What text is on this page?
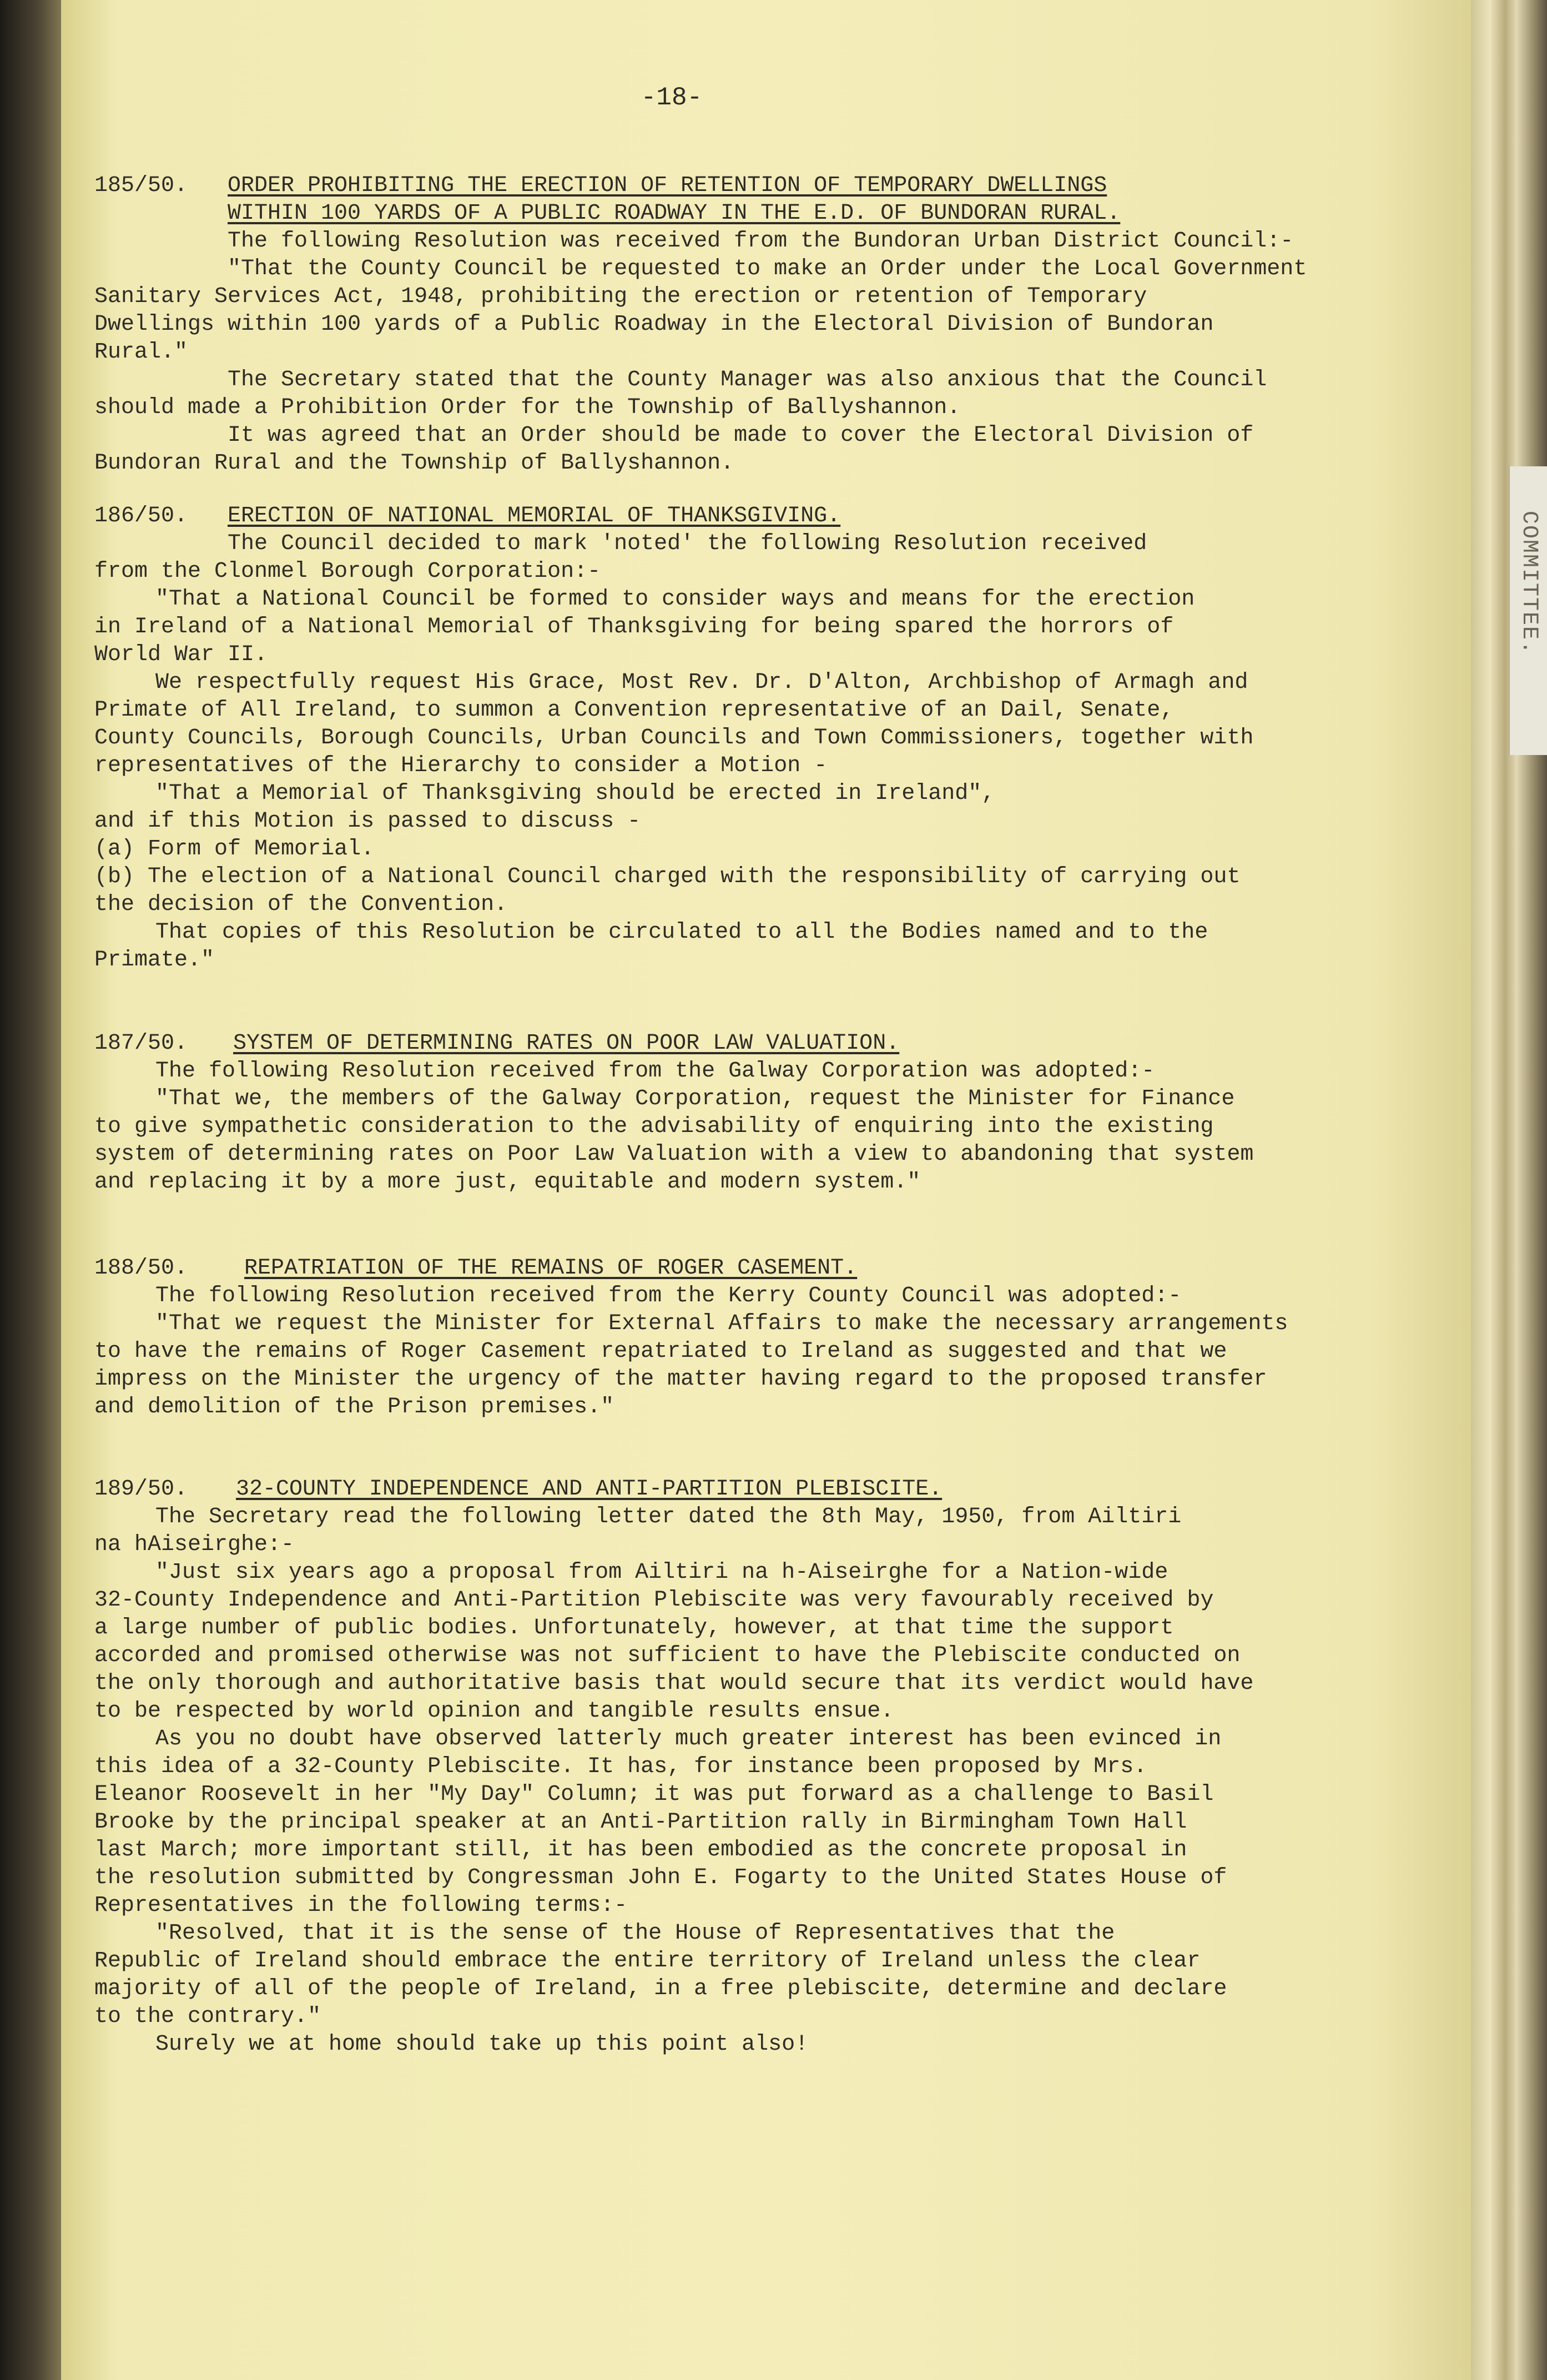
COMMITTEE.
-18-
185/50. ORDER PROHIBITING THE ERECTION OF RETENTION OF TEMPORARY DWELLINGS
WITHIN 100 YARDS OF A PUBLIC ROADWAY IN THE E.D. OF BUNDORAN RURAL.
The following Resolution was received from the Bundoran Urban District Council:-
"That the County Council be requested to make an Order under the Local Government
Sanitary Services Act, 1948, prohibiting the erection or retention of Temporary
Dwellings within 100 yards of a Public Roadway in the Electoral Division of Bundoran
Rural."
The Secretary stated that the County Manager was also anxious that the Council
should made a Prohibition Order for the Township of Ballyshannon.
It was agreed that an Order should be made to cover the Electoral Division of
Bundoran Rural and the Township of Ballyshannon.
186/50. ERECTION OF NATIONAL MEMORIAL OF THANKSGIVING.
The Council decided to mark 'noted' the following Resolution received
from the Clonmel Borough Corporation:-
"That a National Council be formed to consider ways and means for the erection
in Ireland of a National Memorial of Thanksgiving for being spared the horrors of
World War II.
We respectfully request His Grace, Most Rev. Dr. D'Alton, Archbishop of Armagh and
Primate of All Ireland, to summon a Convention representative of an Dail, Senate,
County Councils, Borough Councils, Urban Councils and Town Commissioners, together with
representatives of the Hierarchy to consider a Motion -
"That a Memorial of Thanksgiving should be erected in Ireland",
and if this Motion is passed to discuss -
(a) Form of Memorial.
(b) The election of a National Council charged with the responsibility of carrying out
the decision of the Convention.
That copies of this Resolution be circulated to all the Bodies named and to the
Primate."
187/50. SYSTEM OF DETERMINING RATES ON POOR LAW VALUATION.
The following Resolution received from the Galway Corporation was adopted:-
"That we, the members of the Galway Corporation, request the Minister for Finance
to give sympathetic consideration to the advisability of enquiring into the existing
system of determining rates on Poor Law Valuation with a view to abandoning that system
and replacing it by a more just, equitable and modern system."
188/50.	REPATRIATION OF THE REMAINS OF ROGER CASEMENT.
The following Resolution received from the Kerry County Council was adopted:-
"That we request the Minister for External Affairs to make the necessary arrangements
to have the remains of Roger Casement repatriated to Ireland as suggested and that we
impress on the Minister the urgency of the matter having regard to the proposed transfer
and demolition of the Prison premises."
189/50. 32-COUNTY INDEPENDENCE AND ANTI-PARTITION PLEBISCITE.
The Secretary read the following letter dated the 8th May, 1950, from Ailtiri
na hAiseirghe:-
"Just six years ago a proposal from Ailtiri na h-Aiseirghe for a Nation-wide
32-County Independence and Anti-Partition Plebiscite was very favourably received by
a large number of public bodies. Unfortunately, however, at that time the support
accorded and promised otherwise was not sufficient to have the Plebiscite conducted on
the only thorough and authoritative basis that would secure that its verdict would have
to be respected by world opinion and tangible results ensue.
As you no doubt have observed latterly much greater interest has been evinced in
this idea of a 32-County Plebiscite. It has, for instance been proposed by Mrs.
Eleanor Roosevelt in her "My Day" Column; it was put forward as a challenge to Basil
Brooke by the principal speaker at an Anti-Partition rally in Birmingham Town Hall
last March; more important still, it has been embodied as the concrete proposal in
the resolution submitted by Congressman John E. Fogarty to the United States House of
Representatives in the following terms:-
"Resolved, that it is the sense of the House of Representatives that the
Republic of Ireland should embrace the entire territory of Ireland unless the clear
majority of all of the people of Ireland, in a free plebiscite, determine and declare
to the contrary."
Surely we at home should take up this point also!
